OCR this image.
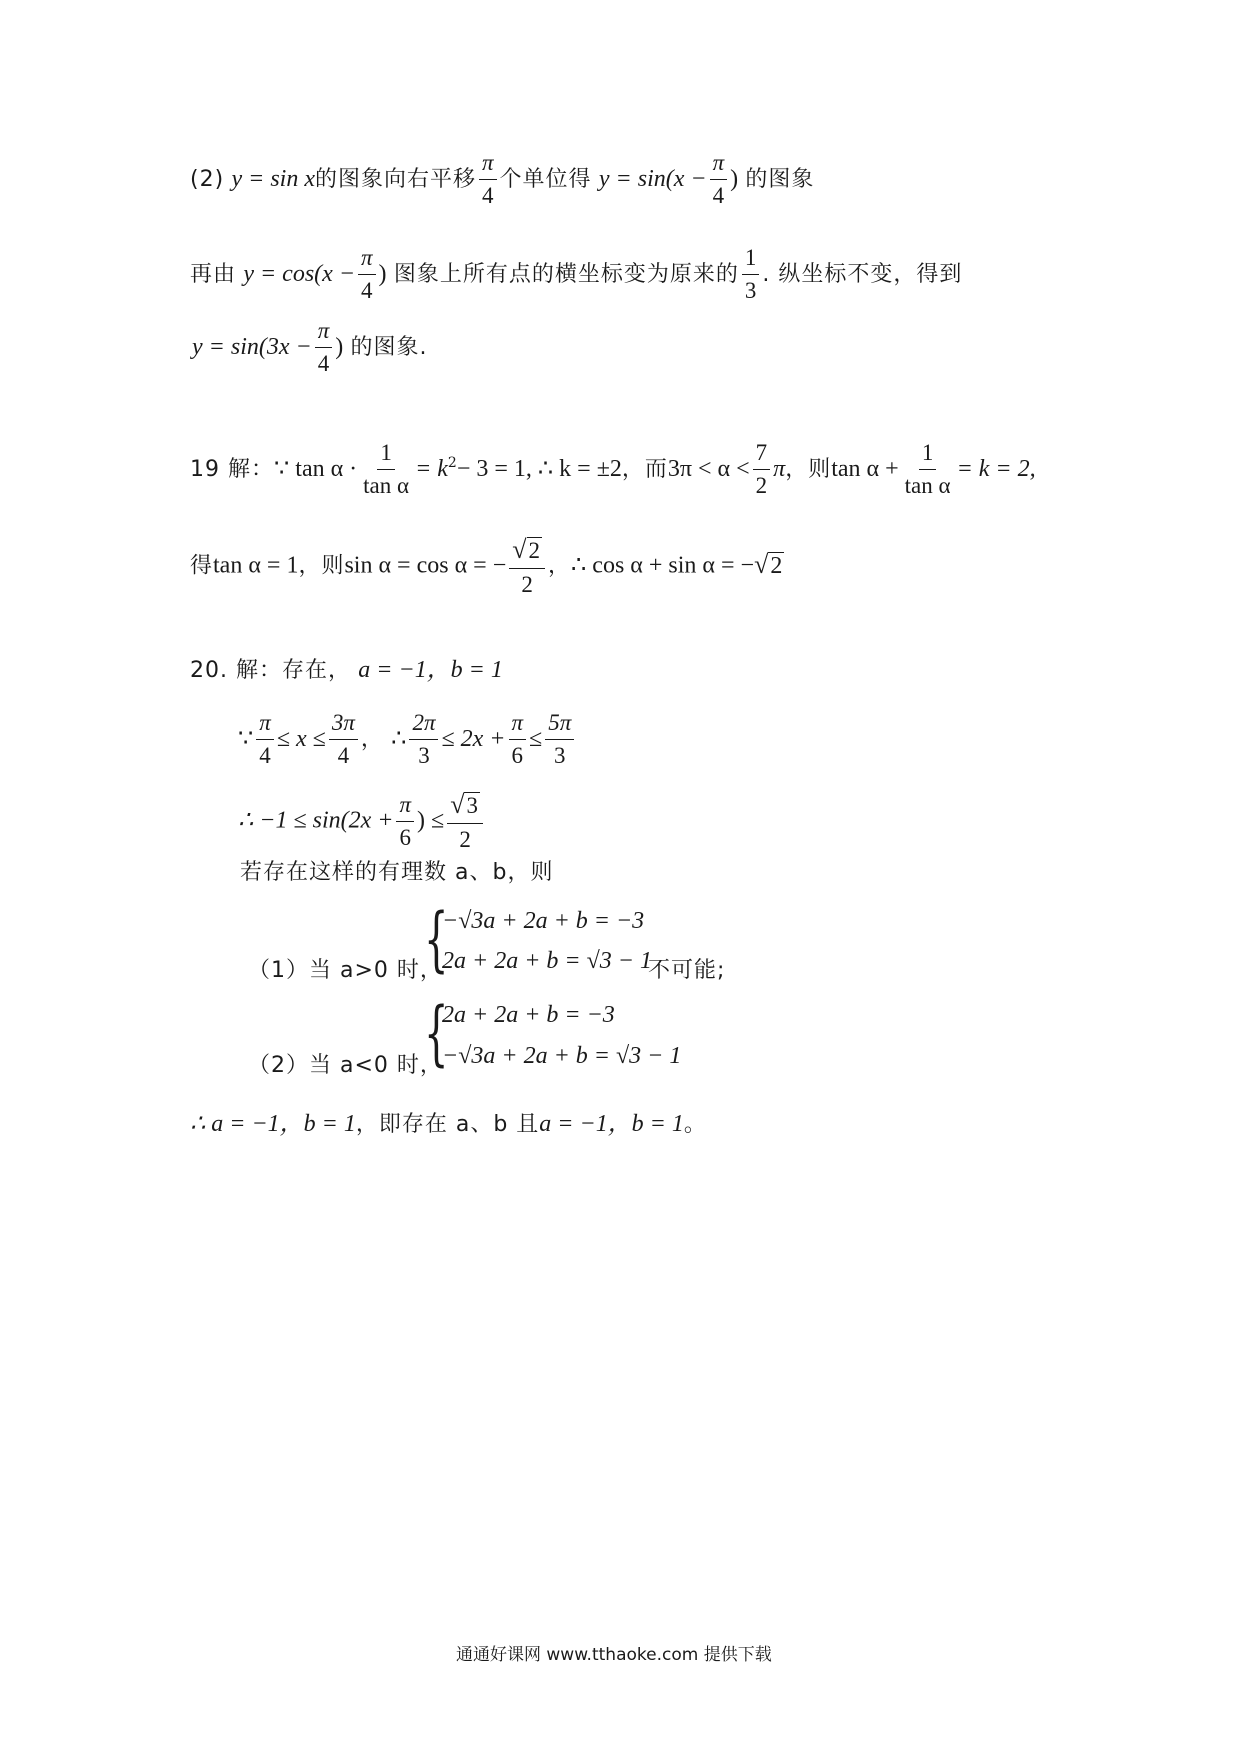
(2) y = sin x的图象向右平移 $\frac{\pi}{4}$ 个单位得 $y = \sin(x - \frac{\pi}{4}$ ) 的图象
再由 $y = \cos(x - \frac{\pi}{4}$ ) 图象上所有点的横坐标变为原来的 $\frac{1}{3}$ . 纵坐标不变，得到
$y = \sin(3x - \frac{\pi}{4}$ ) 的图象.
19 解：∵ $\tan \alpha \cdot \frac{1}{\text{tan α}} = k^2- 3 = 1$, ∴ k = ±2，而$3\pi < \alpha < \frac{7}{2}$ π，则$\tan \alpha + \frac{1}{\text{tan α}} = k = 2$,
得tan α = 1，则sin α = cos α = − $\frac{√2}{2}$ ，∴ cos α + sin α = −√2
20. 解：存在， a = −1，b = 1
∵ $\frac{\pi}{4} \le x \le \frac{3\pi}{4}$ ， ∴ $\frac{2\pi}{3} \le 2x + \frac{\pi}{6} \le \frac{5\pi}{3}$
∴ $-1 \le \sin(2x + \frac{\pi}{6}$ ) ≤ $\frac{√3}{2}$
若存在这样的有理数 a、b，则
{
−√3a + 2a + b = −3
2a + 2a + b = √3 − 1
（1）当 a>0 时，	不可能;
{
2a + 2a + b = −3
−√3a + 2a + b = √3 − 1
（2）当 a<0 时，
∴ a = −1，b = 1，即存在 a、b 且a = −1，b = 1。
通通好课网 www.tthaoke.com 提供下载
